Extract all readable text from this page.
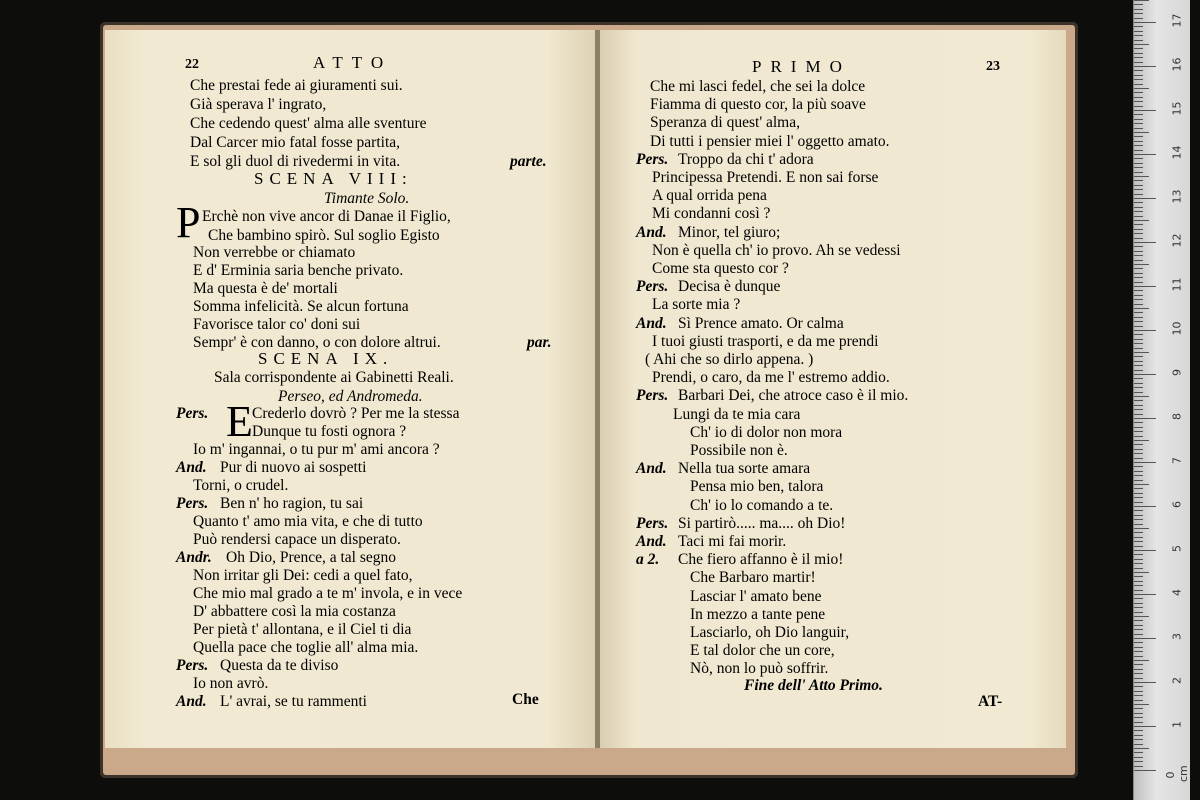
22	ATTO
Che prestai fede ai giuramenti sui.
Già sperava l' ingrato,
Che cedendo quest' alma alle sventure
Dal Carcer mio fatal fosse partita,
E sol gli duol di rivedermi in vita.	parte.
SCENA VIII:
Timante Solo.
P Erchè non vive ancor di Danae il Figlio,
Che bambino spirò. Sul soglio Egisto
Non verrebbe or chiamato
E d' Erminia saria benche privato.
Ma questa è de' mortali
Somma infelicità. Se alcun fortuna
Favorisce talor co' doni sui
Sempr' è con danno, o con dolore altrui.	par.
SCENA IX.
Sala corrispondente ai Gabinetti Reali.
Perseo, ed Andromeda.
Pers. E Crederlo dovrò ? Per me la stessa
Dunque tu fosti ognora ?
Io m' ingannai, o tu pur m' ami ancora ?
And. Pur di nuovo ai sospetti
Torni, o crudel.
Pers. Ben n' ho ragion, tu sai
Quanto t' amo mia vita, e che di tutto
Può rendersi capace un disperato.
Andr. Oh Dio, Prence, a tal segno
Non irritar gli Dei: cedi a quel fato,
Che mio mal grado a te m' invola, e in vece
D' abbattere così la mia costanza
Per pietà t' allontana, e il Ciel ti dia
Quella pace che toglie all' alma mia.
Pers. Questa da te diviso
Io non avrò.
And. L' avrai, se tu rammenti	Che
PRIMO	23
Che mi lasci fedel, che sei la dolce
Fiamma di questo cor, la più soave
Speranza di quest' alma,
Di tutti i pensier miei l' oggetto amato.
Pers. Troppo da chi t' adora
Principessa Pretendi. E non sai forse
A qual orrida pena
Mi condanni così ?
And. Minor, tel giuro;
Non è quella ch' io provo. Ah se vedessi
Come sta questo cor ?
Pers. Decisa è dunque
La sorte mia ?
And. Sì Prence amato. Or calma
I tuoi giusti trasporti, e da me prendi
( Ahi che so dirlo appena. )
Prendi, o caro, da me l' estremo addio.
Pers. Barbari Dei, che atroce caso è il mio.
Lungi da te mia cara
Ch' io di dolor non mora
Possibile non è.
And. Nella tua sorte amara
Pensa mio ben, talora
Ch' io lo comando a te.
Pers. Si partirò..... ma.... oh Dio!
And. Taci mi fai morir.
a 2. Che fiero affanno è il mio!
Che Barbaro martir!
Lasciar l' amato bene
In mezzo a tante pene
Lasciarlo, oh Dio languir,
E tal dolor che un core,
Nò, non lo può soffrir.
Fine dell' Atto Primo.
AT-
0 cm
1
2
3
4
5
6
7
8
9
10
11
12
13
14
15
16
17
